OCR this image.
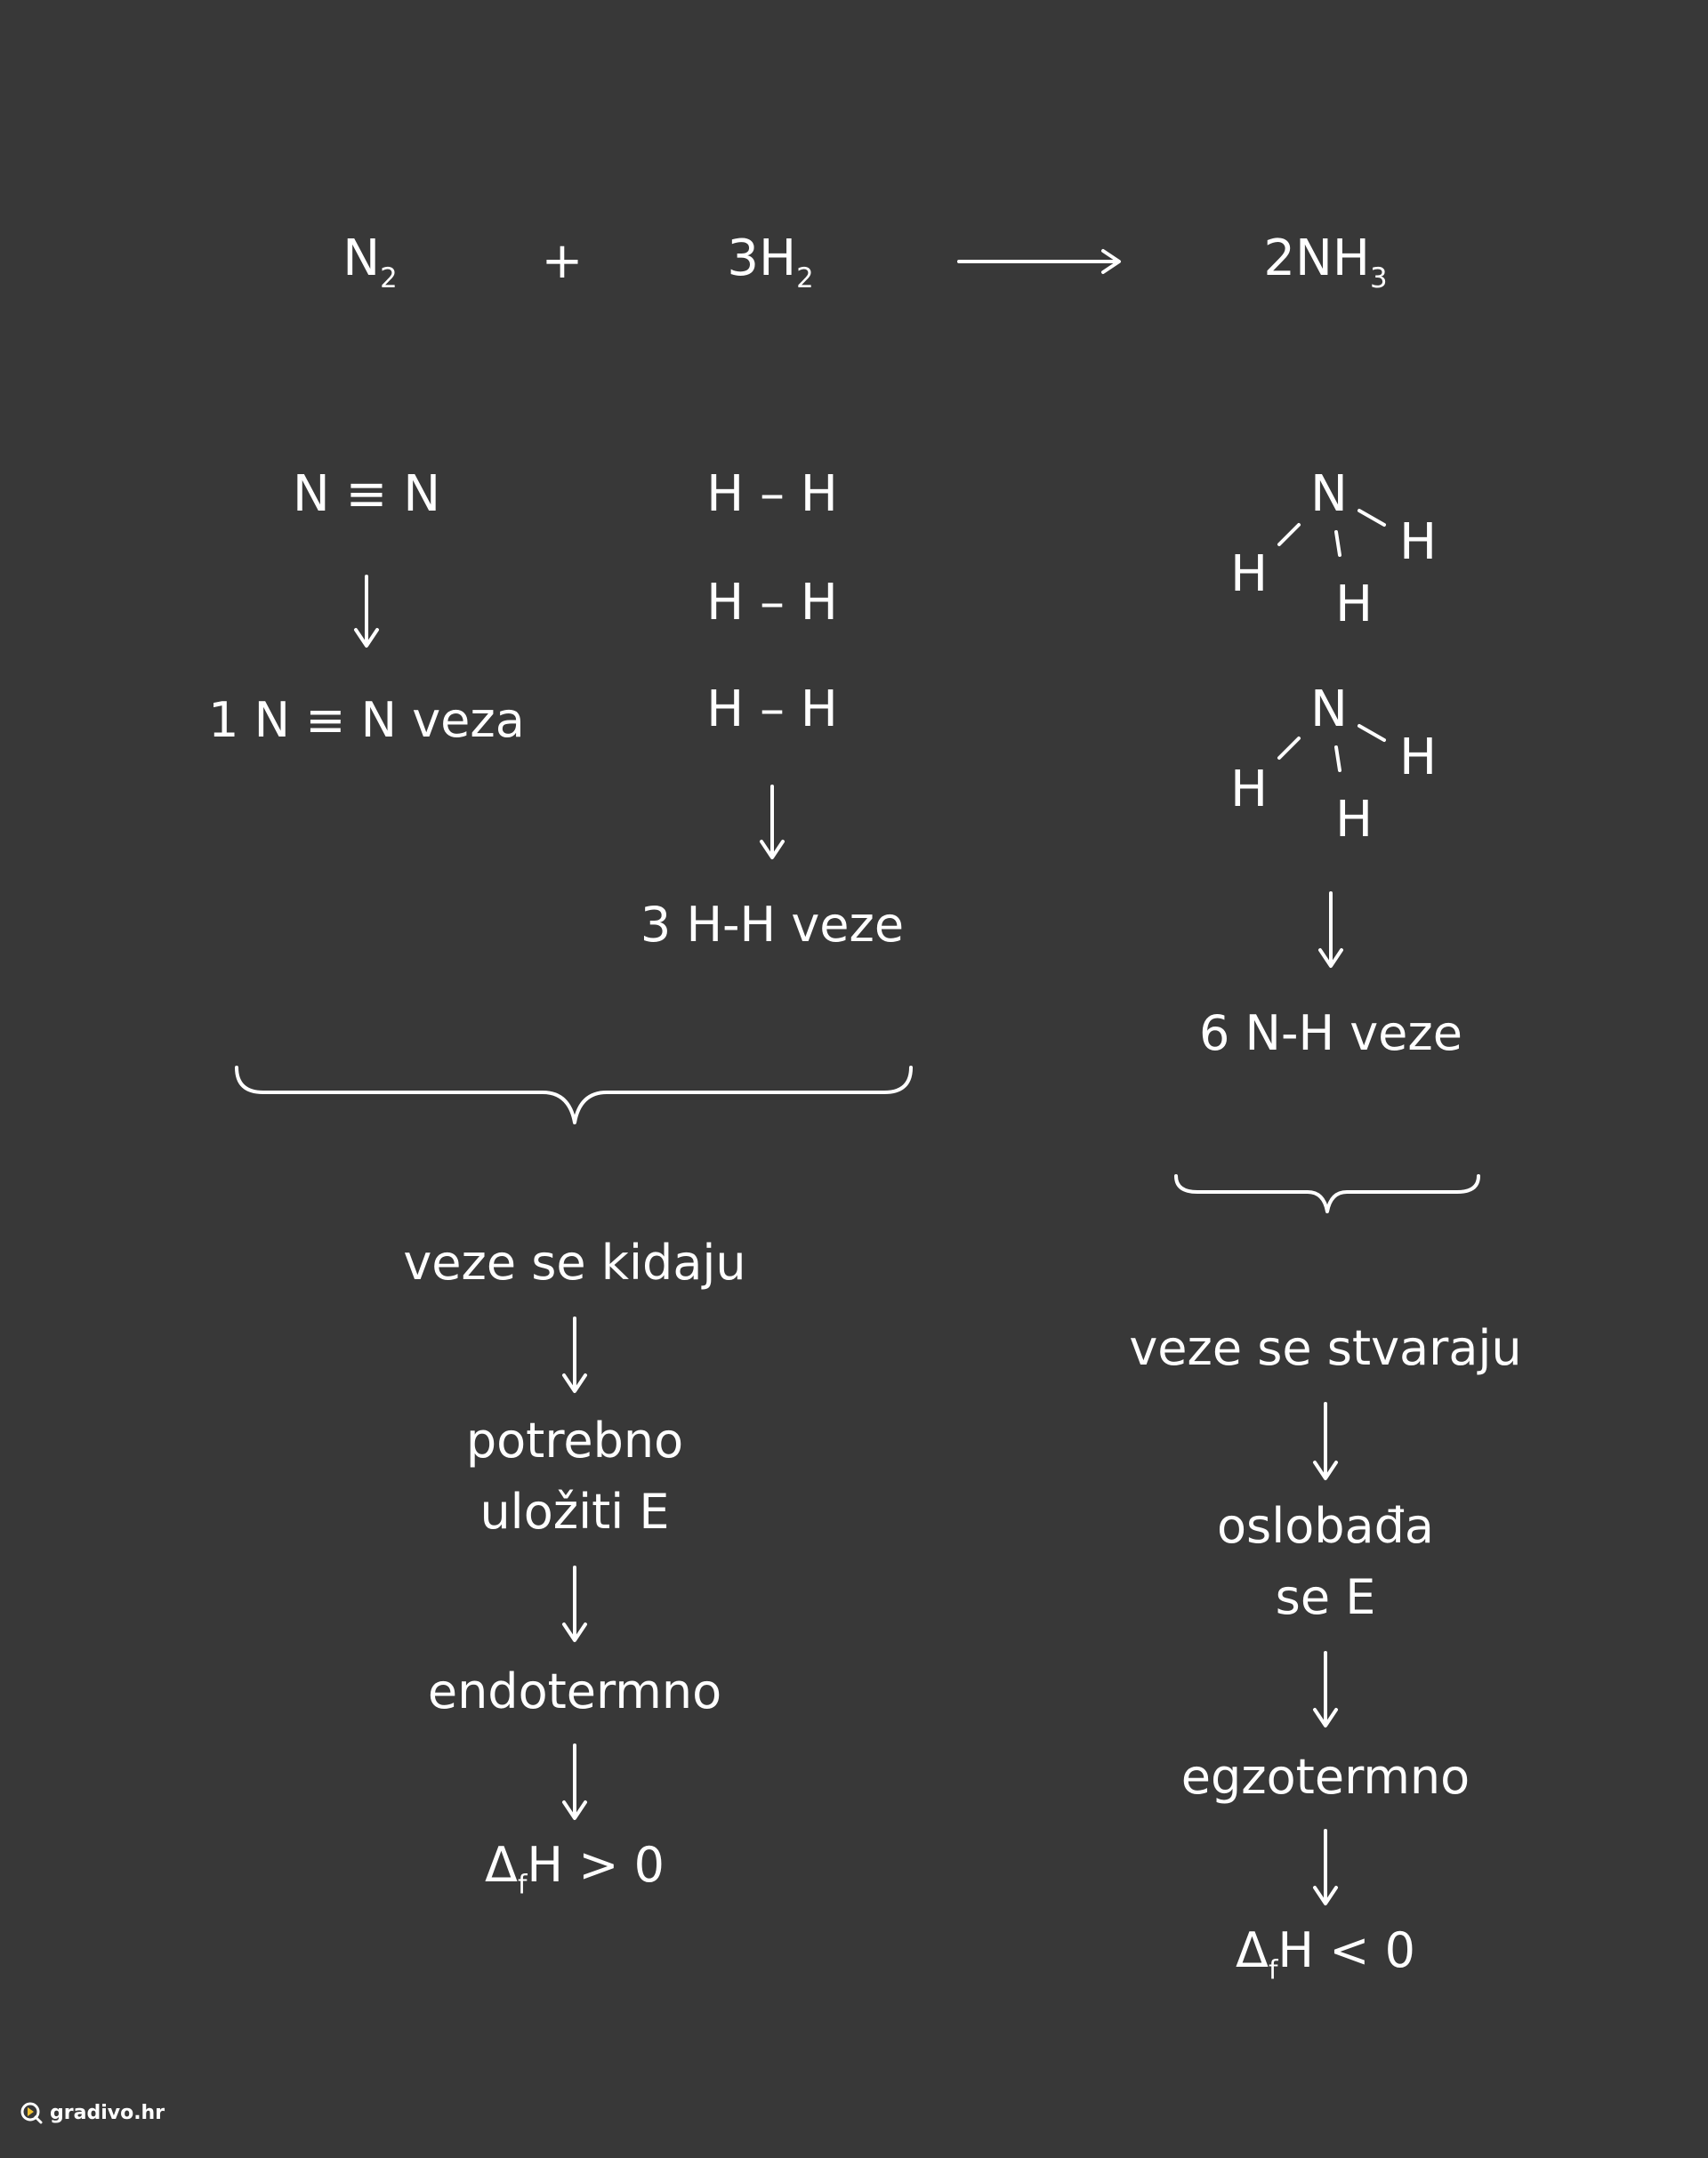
$N_2$	+	$3H_2$	$2NH_3$
N ≡ N
1 N ≡ N veza
H – H
H – H
H – H
3 H-H veze
N
H
H
H
N
H
H
H
6 N-H veze
veze se kidaju
potrebno
uložiti E
endotermno
$\Delta_fH > 0$
veze se stvaraju
oslobađa
se E
egzotermno
$\Delta_fH < 0$
gradivo.hr
